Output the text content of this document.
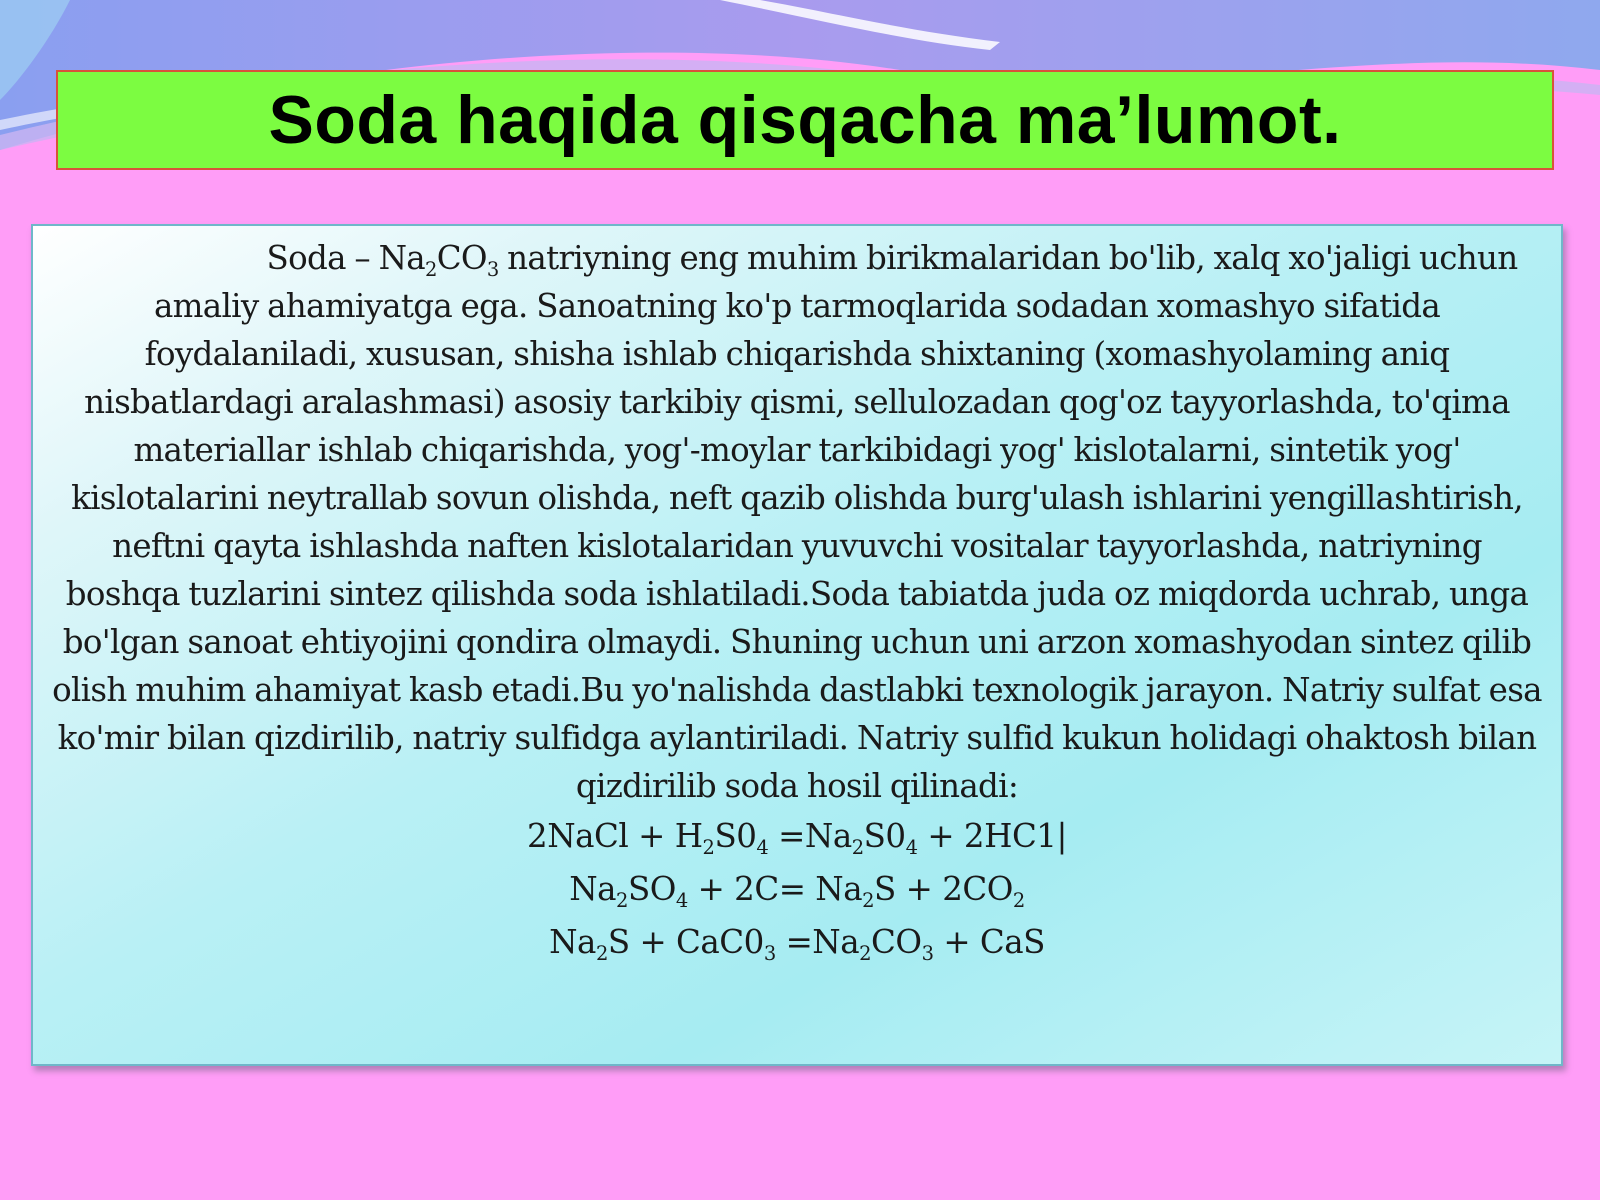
Soda haqida qisqacha ma’lumot.

Soda – $Na_2CO_3$ natriyning eng muhim birikmalaridan bo'lib, xalq xo'jaligi uchun amaliy ahamiyatga ega. Sanoatning ko'p tarmoqlarida sodadan xomashyo sifatida foydalaniladi, xususan, shisha ishlab chiqarishda shixtaning (xomashyolaming aniq nisbatlardagi aralashmasi) asosiy tarkibiy qismi, sellulozadan qog'oz tayyorlashda, to'qima materiallar ishlab chiqarishda, yog'-moylar tarkibidagi yog' kislotalarni, sintetik yog' kislotalarini neytrallab sovun olishda, neft qazib olishda burg'ulash ishlarini yengillashtirish, neftni qayta ishlashda naften kislotalaridan yuvuvchi vositalar tayyorlashda, natriyning boshqa tuzlarini sintez qilishda soda ishlatiladi.Soda tabiatda juda oz miqdorda uchrab, unga bo'lgan sanoat ehtiyojini qondira olmaydi. Shuning uchun uni arzon xomashyodan sintez qilib olish muhim ahamiyat kasb etadi.Bu yo'nalishda dastlabki texnologik jarayon. Natriy sulfat esa ko'mir bilan qizdirilib, natriy sulfidga aylantiriladi. Natriy sulfid kukun holidagi ohaktosh bilan qizdirilib soda hosil qilinadi:

2NaCl + $H_2S0_4 =Na_2S0_4 + 2HC1|$

$Na_2SO_4 + 2C= Na_2S + 2CO_2$

$Na_2S + CaC0_3 =Na_2CO_3$ + CaS
